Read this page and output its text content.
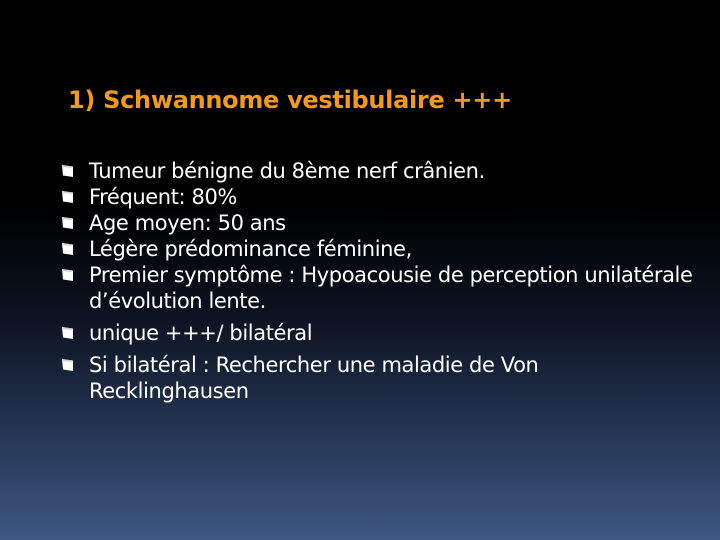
1) Schwannome vestibulaire +++
Tumeur bénigne du 8ème nerf crânien.
Fréquent: 80%
Age moyen: 50 ans
Légère prédominance féminine,
Premier symptôme : Hypoacousie de perception unilatérale d’évolution lente.
unique +++/ bilatéral
Si bilatéral : Rechercher une maladie de Von Recklinghausen
